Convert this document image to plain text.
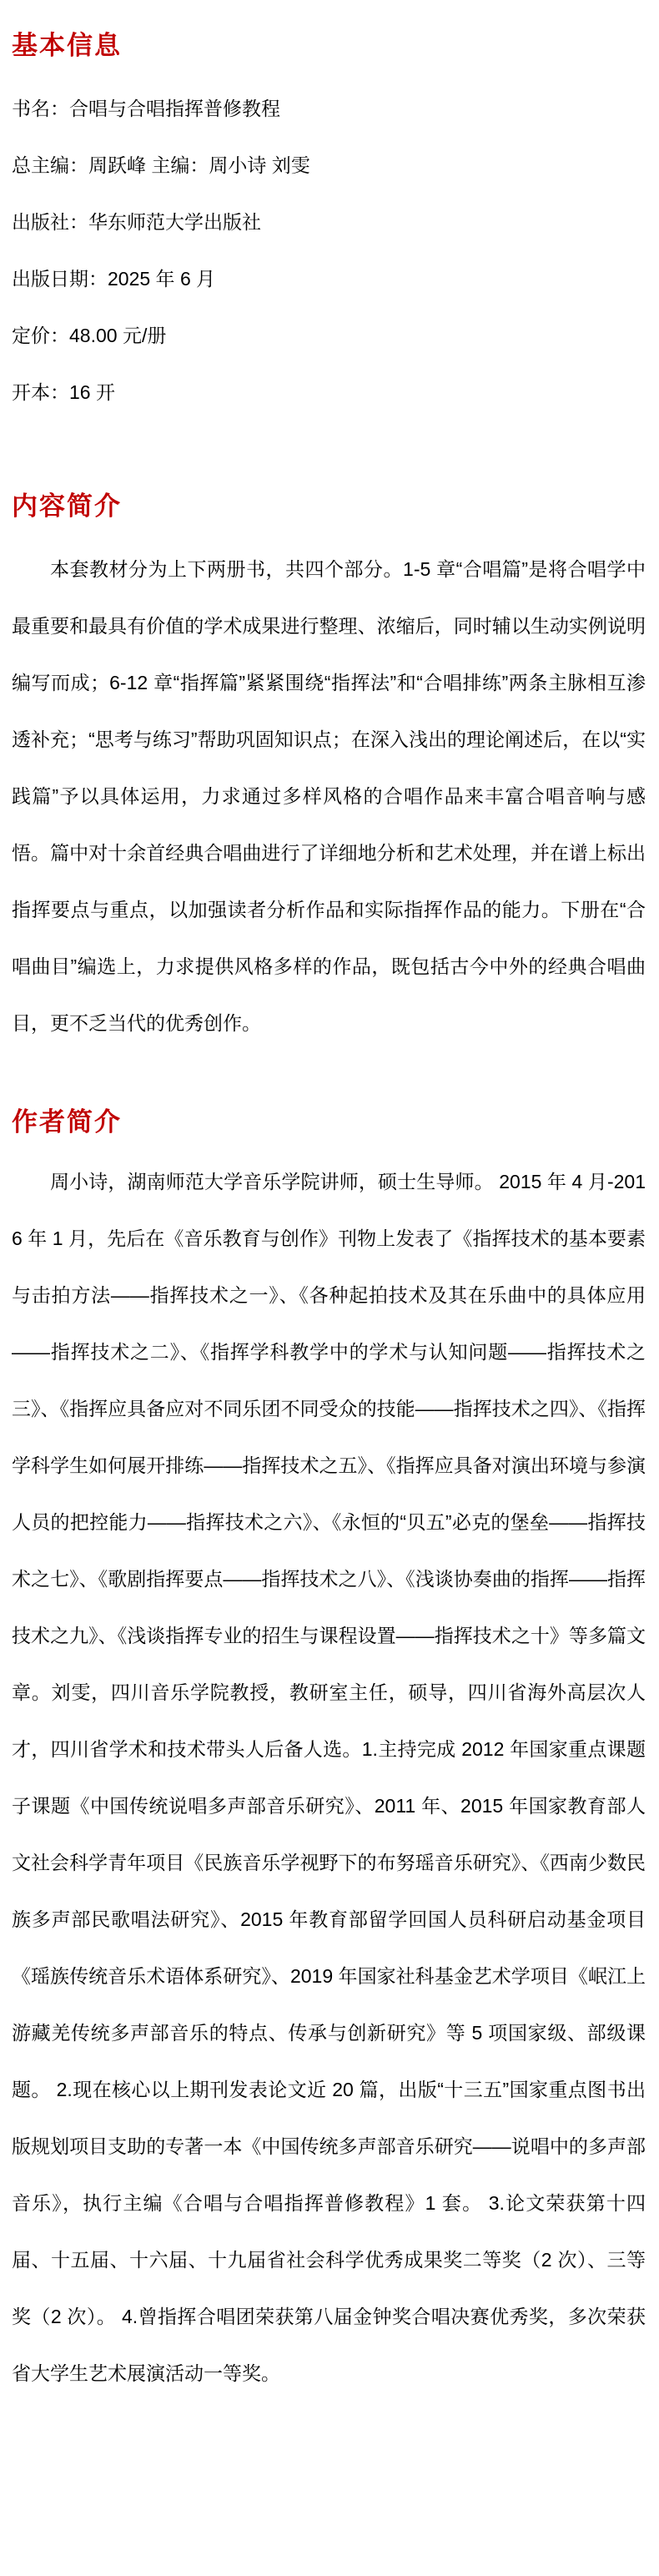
基本信息

书名：合唱与合唱指挥普修教程

总主编：周跃峰 主编：周小诗 刘雯

出版社：华东师范大学出版社

出版日期：2025 年 6 月

定价：48.00 元/册

开本：16 开

内容简介

本套教材分为上下两册书，共四个部分。1-5 章“合唱篇”是将合唱学中最重要和最具有价值的学术成果进行整理、浓缩后，同时辅以生动实例说明编写而成；6-12 章“指挥篇”紧紧围绕“指挥法”和“合唱排练”两条主脉相互渗透补充；“思考与练习”帮助巩固知识点；在深入浅出的理论阐述后，在以“实践篇”予以具体运用，力求通过多样风格的合唱作品来丰富合唱音响与感悟。篇中对十余首经典合唱曲进行了详细地分析和艺术处理，并在谱上标出指挥要点与重点，以加强读者分析作品和实际指挥作品的能力。下册在“合唱曲目”编选上，力求提供风格多样的作品，既包括古今中外的经典合唱曲目，更不乏当代的优秀创作。

作者简介

周小诗，湖南师范大学音乐学院讲师，硕士生导师。 2015 年 4 月-2016 年 1 月，先后在《音乐教育与创作》刊物上发表了《指挥技术的基本要素与击拍方法——指挥技术之一》、《各种起拍技术及其在乐曲中的具体应用——指挥技术之二》、《指挥学科教学中的学术与认知问题——指挥技术之三》、《指挥应具备应对不同乐团不同受众的技能——指挥技术之四》、《指挥学科学生如何展开排练——指挥技术之五》、《指挥应具备对演出环境与参演人员的把控能力——指挥技术之六》、《永恒的“贝五”必克的堡垒——指挥技术之七》、《歌剧指挥要点——指挥技术之八》、《浅谈协奏曲的指挥——指挥技术之九》、《浅谈指挥专业的招生与课程设置——指挥技术之十》等多篇文章。刘雯，四川音乐学院教授，教研室主任，硕导，四川省海外高层次人才，四川省学术和技术带头人后备人选。1.主持完成 2012 年国家重点课题子课题《中国传统说唱多声部音乐研究》、2011 年、2015 年国家教育部人文社会科学青年项目《民族音乐学视野下的布努瑶音乐研究》、《西南少数民族多声部民歌唱法研究》、2015 年教育部留学回国人员科研启动基金项目《瑶族传统音乐术语体系研究》、2019 年国家社科基金艺术学项目《岷江上游藏羌传统多声部音乐的特点、传承与创新研究》等 5 项国家级、部级课题。 2.现在核心以上期刊发表论文近 20 篇，出版“十三五”国家重点图书出版规划项目支助的专著一本《中国传统多声部音乐研究——说唱中的多声部音乐》，执行主编《合唱与合唱指挥普修教程》1 套。 3.论文荣获第十四届、十五届、十六届、十九届省社会科学优秀成果奖二等奖（2 次）、三等奖（2 次）。 4.曾指挥合唱团荣获第八届金钟奖合唱决赛优秀奖，多次荣获省大学生艺术展演活动一等奖。
